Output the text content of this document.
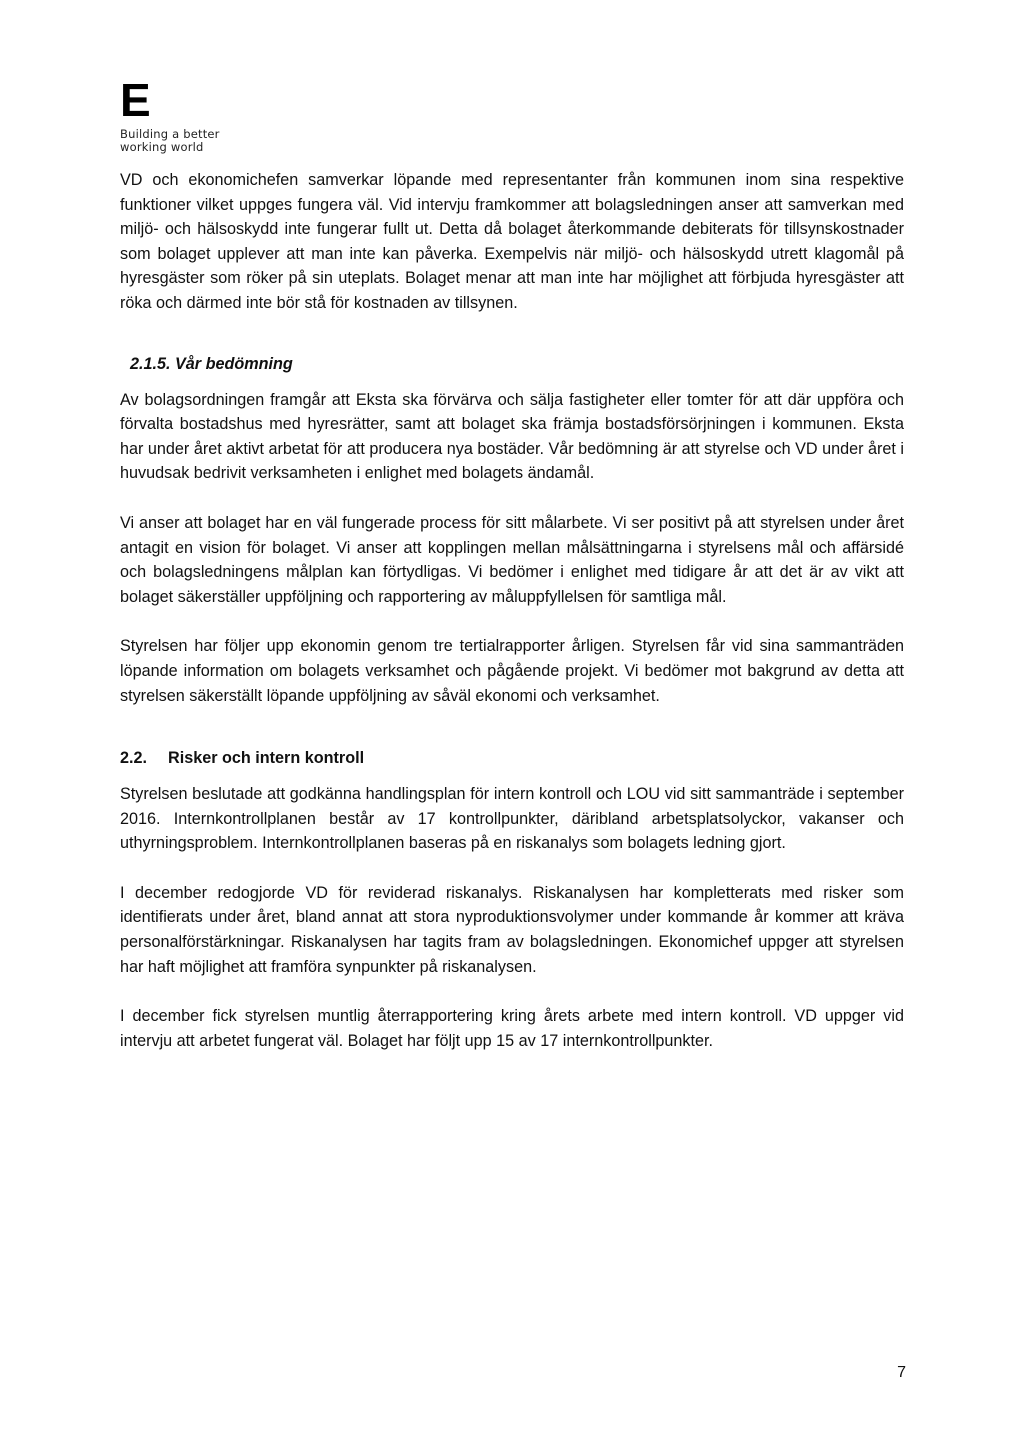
E
Building a better
working world

VD och ekonomichefen samverkar löpande med representanter från kommunen inom sina respektive funktioner vilket uppges fungera väl. Vid intervju framkommer att bolagsledningen anser att samverkan med miljö- och hälsoskydd inte fungerar fullt ut. Detta då bolaget återkommande debiterats för tillsynskostnader som bolaget upplever att man inte kan påverka. Exempelvis när miljö- och hälsoskydd utrett klagomål på hyresgäster som röker på sin uteplats. Bolaget menar att man inte har möjlighet att förbjuda hyresgäster att röka och därmed inte bör stå för kostnaden av tillsynen.

2.1.5. Vår bedömning

Av bolagsordningen framgår att Eksta ska förvärva och sälja fastigheter eller tomter för att där uppföra och förvalta bostadshus med hyresrätter, samt att bolaget ska främja bostadsförsörjningen i kommunen. Eksta har under året aktivt arbetat för att producera nya bostäder. Vår bedömning är att styrelse och VD under året i huvudsak bedrivit verksamheten i enlighet med bolagets ändamål.

Vi anser att bolaget har en väl fungerade process för sitt målarbete. Vi ser positivt på att styrelsen under året antagit en vision för bolaget. Vi anser att kopplingen mellan målsättningarna i styrelsens mål och affärsidé och bolagsledningens målplan kan förtydligas. Vi bedömer i enlighet med tidigare år att det är av vikt att bolaget säkerställer uppföljning och rapportering av måluppfyllelsen för samtliga mål.

Styrelsen har följer upp ekonomin genom tre tertialrapporter årligen. Styrelsen får vid sina sammanträden löpande information om bolagets verksamhet och pågående projekt. Vi bedömer mot bakgrund av detta att styrelsen säkerställt löpande uppföljning av såväl ekonomi och verksamhet.

2.2. Risker och intern kontroll

Styrelsen beslutade att godkänna handlingsplan för intern kontroll och LOU vid sitt sammanträde i september 2016. Internkontrollplanen består av 17 kontrollpunkter, däribland arbetsplatsolyckor, vakanser och uthyrningsproblem. Internkontrollplanen baseras på en riskanalys som bolagets ledning gjort.

I december redogjorde VD för reviderad riskanalys. Riskanalysen har kompletterats med risker som identifierats under året, bland annat att stora nyproduktionsvolymer under kommande år kommer att kräva personalförstärkningar. Riskanalysen har tagits fram av bolagsledningen. Ekonomichef uppger att styrelsen har haft möjlighet att framföra synpunkter på riskanalysen.

I december fick styrelsen muntlig återrapportering kring årets arbete med intern kontroll. VD uppger vid intervju att arbetet fungerat väl. Bolaget har följt upp 15 av 17 internkontrollpunkter.

7
